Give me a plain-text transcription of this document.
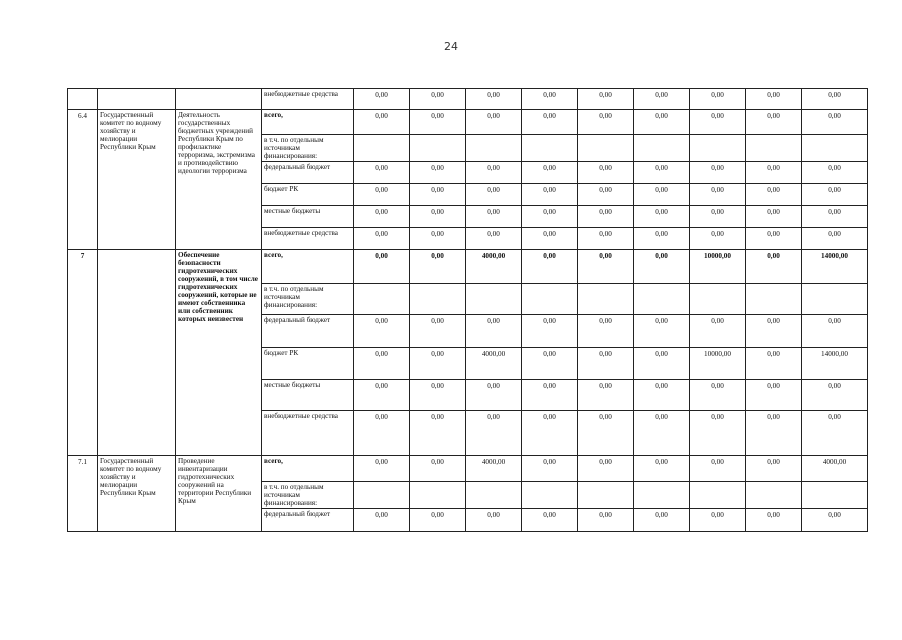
24
			внебюджетные средства	0,00	0,00	0,00	0,00	0,00	0,00	0,00	0,00	0,00
6.4	Государственный комитет по водному хозяйству и мелиорации Республики Крым	Деятельность государственных бюджетных учреждений Республики Крым по профилактике терроризма, экстремизма и противодействию идеологии терроризма	всего,	0,00	0,00	0,00	0,00	0,00	0,00	0,00	0,00	0,00
			в т.ч. по отдельным источникам финансирования:									
			федеральный бюджет	0,00	0,00	0,00	0,00	0,00	0,00	0,00	0,00	0,00
			бюджет РК	0,00	0,00	0,00	0,00	0,00	0,00	0,00	0,00	0,00
			местные бюджеты	0,00	0,00	0,00	0,00	0,00	0,00	0,00	0,00	0,00
			внебюджетные средства	0,00	0,00	0,00	0,00	0,00	0,00	0,00	0,00	0,00
7		Обеспечение безопасности гидротехнических сооружений, в том числе гидротехнических сооружений, которые не имеют собственника или собственник которых неизвестен	всего,	0,00	0,00	4000,00	0,00	0,00	0,00	10000,00	0,00	14000,00
			в т.ч. по отдельным источникам финансирования:									
			федеральный бюджет	0,00	0,00	0,00	0,00	0,00	0,00	0,00	0,00	0,00
			бюджет РК	0,00	0,00	4000,00	0,00	0,00	0,00	10000,00	0,00	14000,00
			местные бюджеты	0,00	0,00	0,00	0,00	0,00	0,00	0,00	0,00	0,00
			внебюджетные средства	0,00	0,00	0,00	0,00	0,00	0,00	0,00	0,00	0,00
7.1	Государственный комитет по водному хозяйству и мелиорации Республики Крым	Проведение инвентаризации гидротехнических сооружений на территории Республики Крым	всего,	0,00	0,00	4000,00	0,00	0,00	0,00	0,00	0,00	4000,00
			в т.ч. по отдельным источникам финансирования:									
			федеральный бюджет	0,00	0,00	0,00	0,00	0,00	0,00	0,00	0,00	0,00
